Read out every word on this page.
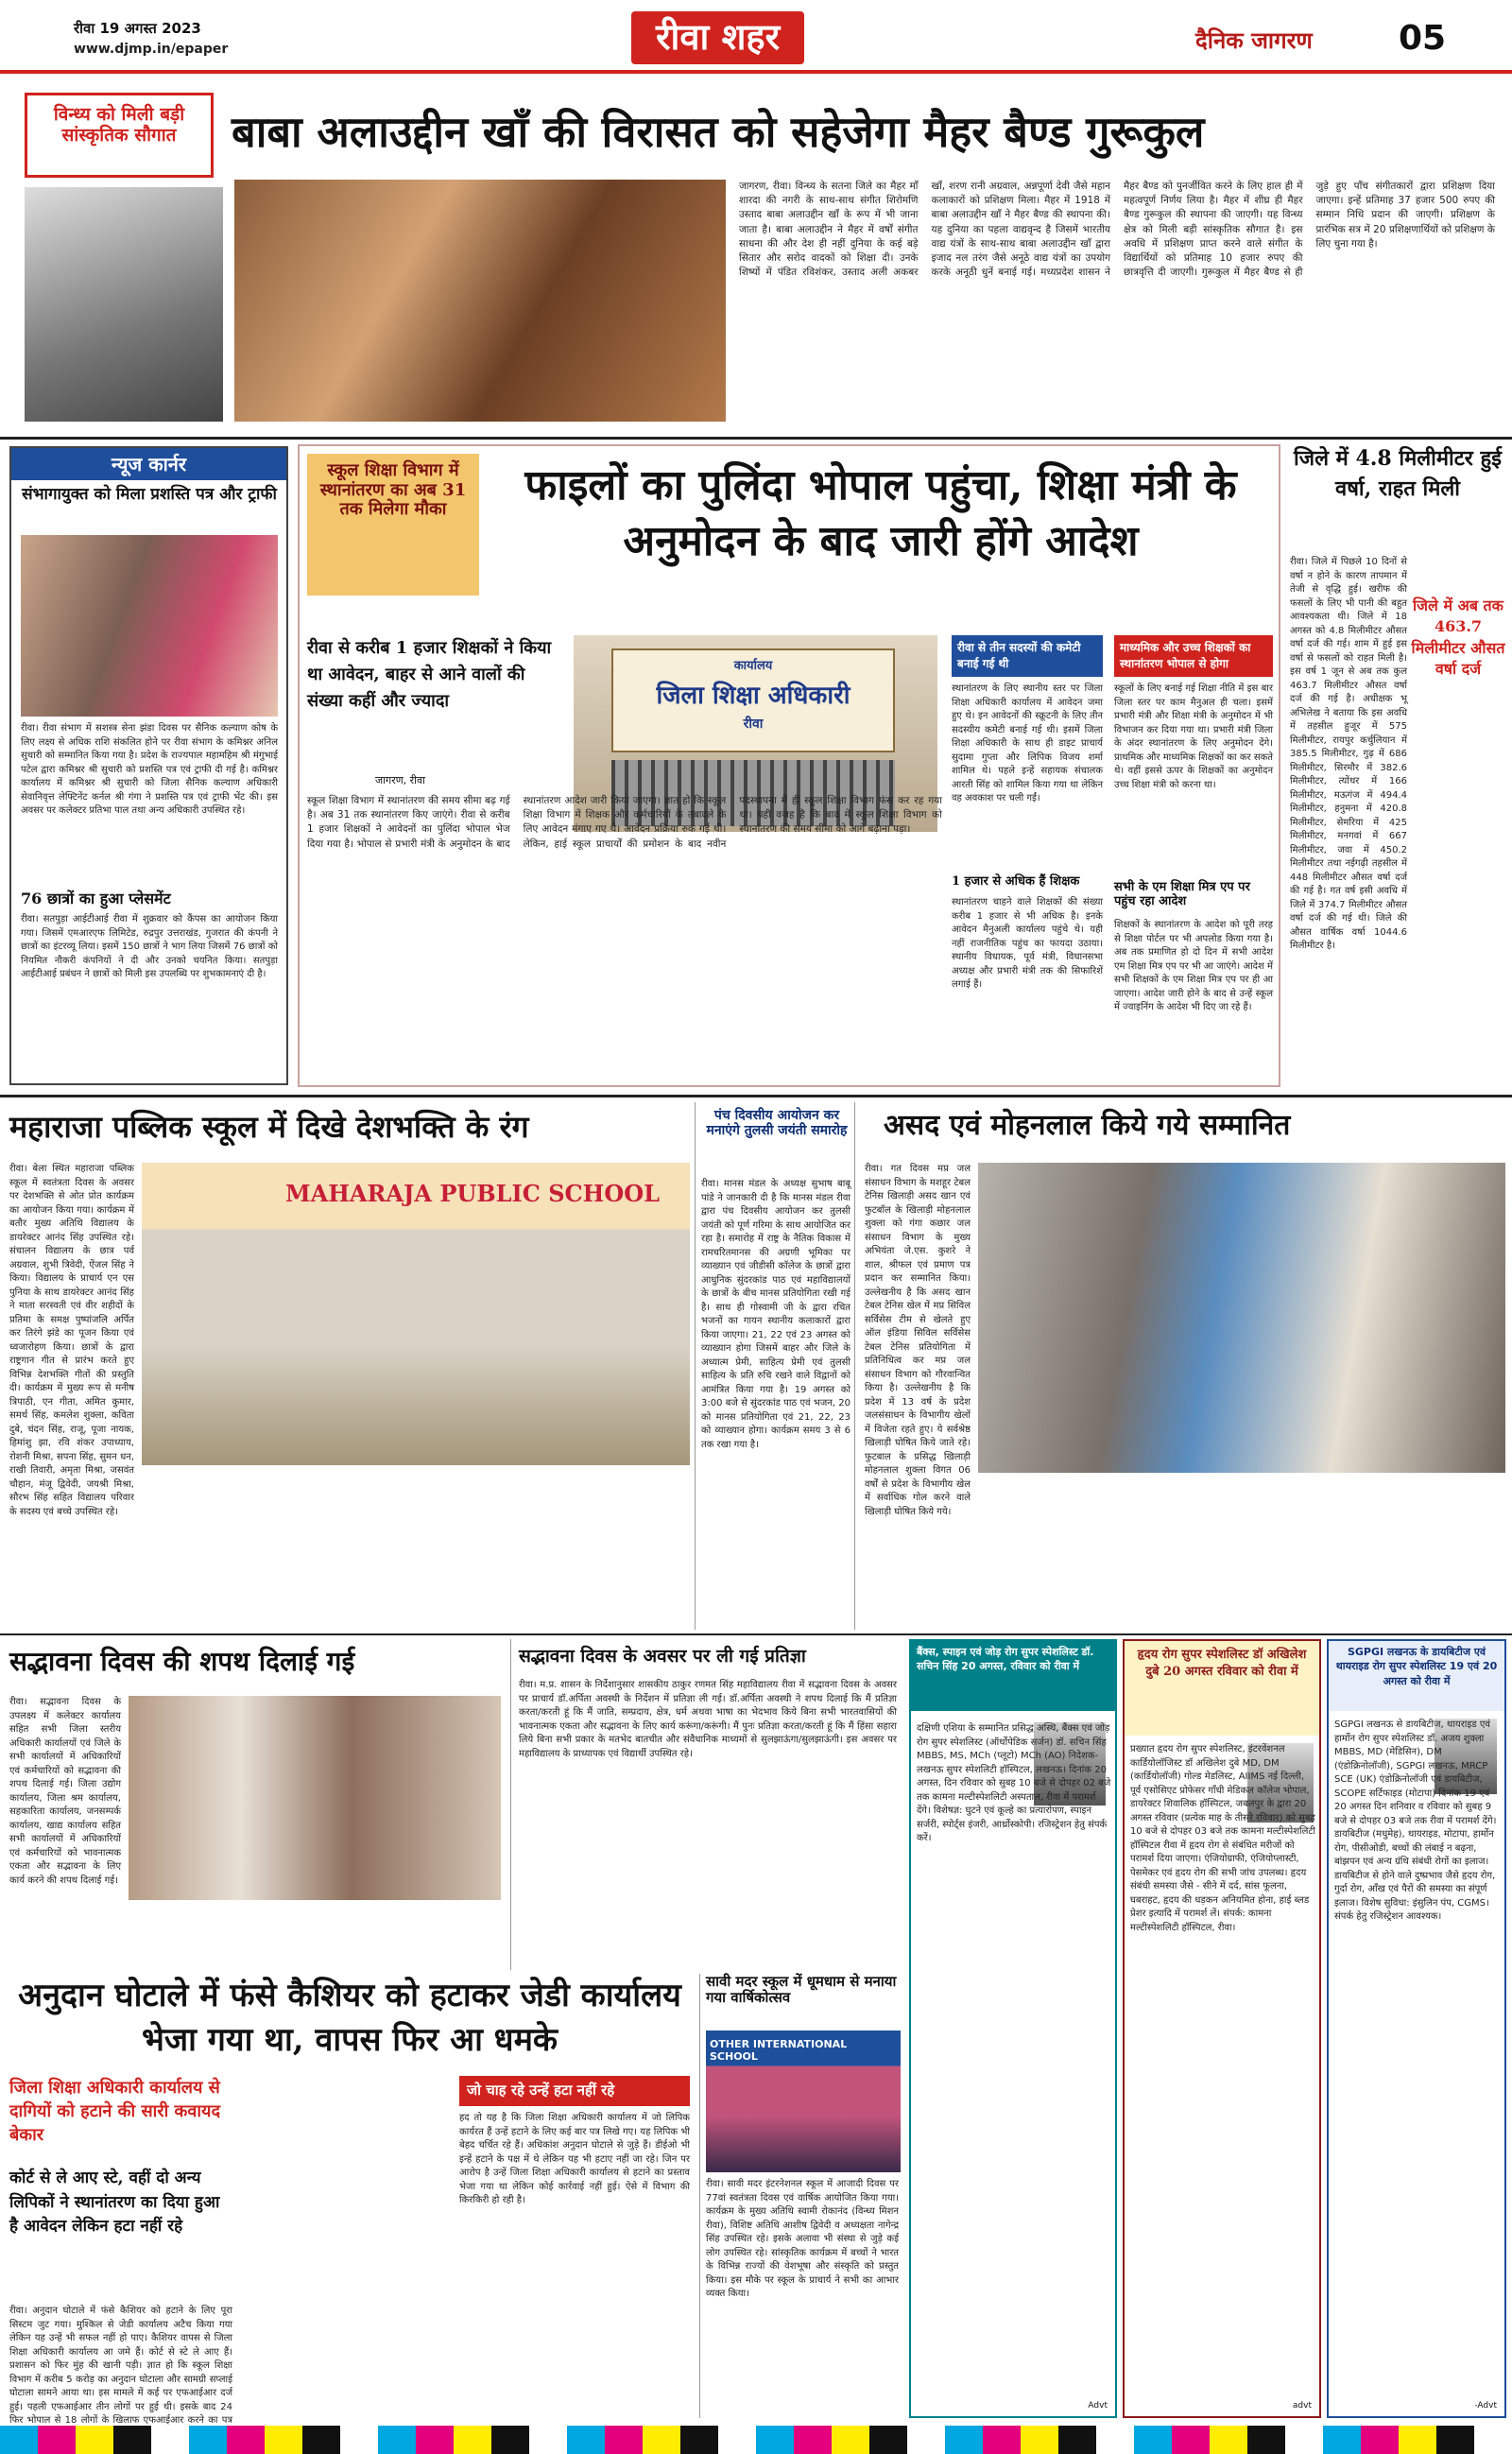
रीवा 19 अगस्त 2023
www.djmp.in/epaper	रीवा शहर	दैनिक जागरण	05
विन्ध्य को मिली बड़ी सांस्कृतिक सौगात	बाबा अलाउद्दीन खाँ की विरासत को सहेजेगा मैहर बैण्ड गुरूकुल
जागरण, रीवा। विन्ध्य के सतना जिले का मैहर माँ शारदा की नगरी के साथ-साथ संगीत शिरोमणि उस्ताद बाबा अलाउद्दीन खाँ के रूप में भी जाना जाता है। बाबा अलाउद्दीन ने मैहर में वर्षों संगीत साधना की और देश ही नहीं दुनिया के कई बड़े सितार और सरोद वादकों को शिक्षा दी। उनके शिष्यों में पंडित रविशंकर, उस्ताद अली अकबर खाँ, शरण रानी अग्रवाल, अन्नपूर्णा देवी जैसे महान कलाकारों को प्रशिक्षण मिला। मैहर में 1918 में बाबा अलाउद्दीन खाँ ने मैहर बैण्ड की स्थापना की। यह दुनिया का पहला वाद्यवृन्द है जिसमें भारतीय वाद्य यंत्रों के साथ-साथ बाबा अलाउद्दीन खाँ द्वारा इजाद नल तरंग जैसे अनूठे वाद्य यंत्रों का उपयोग करके अनूठी धुनें बनाई गई। मध्यप्रदेश शासन ने मैहर बैण्ड को पुनर्जीवित करने के लिए हाल ही में महत्वपूर्ण निर्णय लिया है। मैहर में शीघ्र ही मैहर बैण्ड गुरूकुल की स्थापना की जाएगी। यह विन्ध्य क्षेत्र को मिली बड़ी सांस्कृतिक सौगात है। इस अवधि में प्रशिक्षण प्राप्त करने वाले संगीत के विद्यार्थियों को प्रतिमाह 10 हजार रुपए की छात्रवृत्ति दी जाएगी। गुरूकुल में मैहर बैण्ड से ही जुड़े हुए पाँच संगीतकारों द्वारा प्रशिक्षण दिया जाएगा। इन्हें प्रतिमाह 37 हजार 500 रुपए की सम्मान निधि प्रदान की जाएगी। प्रशिक्षण के प्रारंभिक सत्र में 20 प्रशिक्षणार्थियों को प्रशिक्षण के लिए चुना गया है।
न्यूज कार्नर
संभागायुक्त को मिला प्रशस्ति पत्र और ट्राफी
रीवा। रीवा संभाग में सशस्त्र सेना झंडा दिवस पर सैनिक कल्याण कोष के लिए लक्ष्य से अधिक राशि संकलित होने पर रीवा संभाग के कमिश्नर अनिल सुचारी को सम्मानित किया गया है। प्रदेश के राज्यपाल महामहिम श्री मंगुभाई पटेल द्वारा कमिश्नर श्री सुचारी को प्रशस्ति पत्र एवं ट्राफी दी गई है। कमिश्नर कार्यालय में कमिश्नर श्री सुचारी को जिला सैनिक कल्याण अधिकारी सेवानिवृत्त लेफ्टिनेंट कर्नल श्री गंगा ने प्रशस्ति पत्र एवं ट्राफी भेंट की। इस अवसर पर कलेक्टर प्रतिभा पाल तथा अन्य अधिकारी उपस्थित रहे।
76 छात्रों का हुआ प्लेसमेंट
रीवा। सतपुड़ा आईटीआई रीवा में शुक्रवार को कैंपस का आयोजन किया गया। जिसमें एमआरएफ लिमिटेड, रुद्रपुर उत्तराखंड, गुजरात की कंपनी ने छात्रों का इंटरव्यू लिया। इसमें 150 छात्रों ने भाग लिया जिसमें 76 छात्रों को नियमित नौकरी कंपनियों ने दी और उनको चयनित किया। सतपुड़ा आईटीआई प्रबंधन ने छात्रों को मिली इस उपलब्धि पर शुभकामनाएं दी है।
स्कूल शिक्षा विभाग में स्थानांतरण का अब 31 तक मिलेगा मौका	फाइलों का पुलिंदा भोपाल पहुंचा, शिक्षा मंत्री के अनुमोदन के बाद जारी होंगे आदेश
रीवा से करीब 1 हजार शिक्षकों ने किया था आवेदन, बाहर से आने वालों की संख्या कहीं और ज्यादा
जागरण, रीवा
कार्यालय
जिला शिक्षा अधिकारी
रीवा
स्कूल शिक्षा विभाग में स्थानांतरण की समय सीमा बढ़ गई है। अब 31 तक स्थानांतरण किए जाएंगे। रीवा से करीब 1 हजार शिक्षकों ने आवेदनों का पुलिंदा भोपाल भेज दिया गया है। भोपाल से प्रभारी मंत्री के अनुमोदन के बाद स्थानांतरण आदेश जारी किया जाएगा। ज्ञात हो कि स्कूल शिक्षा विभाग में शिक्षक और कर्मचारियों के तबादले के लिए आवेदन मंगाए गए थे। आवेदन प्रक्रिया रुक गई थी। लेकिन, हाई स्कूल प्राचार्यों की प्रमोशन के बाद नवीन पदस्थापना में ही स्कूल शिक्षा विभाग फंस कर रह गया था। यही वजह है कि बाद में स्कूल शिक्षा विभाग को स्थानांतरण की समय सीमा को आगे बढ़ाना पड़ा।
रीवा से तीन सदस्यों की कमेटी बनाई गई थी
स्थानांतरण के लिए स्थानीय स्तर पर जिला शिक्षा अधिकारी कार्यालय में आवेदन जमा हुए थे। इन आवेदनों की स्क्रूटनी के लिए तीन सदस्यीय कमेटी बनाई गई थी। इसमें जिला शिक्षा अधिकारी के साथ ही डाइट प्राचार्य सुदामा गुप्ता और लिपिक विजय शर्मा शामिल थे। पहले इन्हें सहायक संचालक आरती सिंह को शामिल किया गया था लेकिन वह अवकाश पर चली गईं।
1 हजार से अधिक हैं शिक्षक
स्थानांतरण चाहने वाले शिक्षकों की संख्या करीब 1 हजार से भी अधिक है। इनके आवेदन मैनुअली कार्यालय पहुंचे थे। यही नहीं राजनीतिक पहुंच का फायदा उठाया। स्थानीय विधायक, पूर्व मंत्री, विधानसभा अध्यक्ष और प्रभारी मंत्री तक की सिफारिशें लगाई हैं।
माध्यमिक और उच्च शिक्षकों का स्थानांतरण भोपाल से होगा
स्कूलों के लिए बनाई गई शिक्षा नीति में इस बार जिला स्तर पर काम मैनुअल ही चला। इसमें प्रभारी मंत्री और शिक्षा मंत्री के अनुमोदन में भी विभाजन कर दिया गया था। प्रभारी मंत्री जिला के अंदर स्थानांतरण के लिए अनुमोदन देंगे। प्राथमिक और माध्यमिक शिक्षकों का कर सकते थे। वहीं इससे ऊपर के शिक्षकों का अनुमोदन उच्च शिक्षा मंत्री को करना था।
सभी के एम शिक्षा मित्र एप पर पहुंच रहा आदेश
शिक्षकों के स्थानांतरण के आदेश को पूरी तरह से शिक्षा पोर्टल पर भी अपलोड किया गया है। अब तक प्रमाणित हो दो दिन में सभी आदेश एम शिक्षा मित्र एप पर भी आ जाएंगे। आदेश में सभी शिक्षकों के एम शिक्षा मित्र एप पर ही आ जाएगा। आदेश जारी होने के बाद से उन्हें स्कूल में ज्वाइनिंग के आदेश भी दिए जा रहे हैं।
जिले में 4.8 मिलीमीटर हुई वर्षा, राहत मिली
जिले में अब तक 463.7 मिलीमीटर औसत वर्षा दर्ज
रीवा। जिले में पिछले 10 दिनों से वर्षा न होने के कारण तापमान में तेजी से वृद्धि हुई। खरीफ की फसलों के लिए भी पानी की बहुत आवश्यकता थी। जिले में 18 अगस्त को 4.8 मिलीमीटर औसत वर्षा दर्ज की गई। शाम में हुई इस वर्षा से फसलों को राहत मिली है। इस वर्ष 1 जून से अब तक कुल 463.7 मिलीमीटर औसत वर्षा दर्ज की गई है। अधीक्षक भू अभिलेख ने बताया कि इस अवधि में तहसील हुजूर में 575 मिलीमीटर, रायपुर कर्चुलियान में 385.5 मिलीमीटर, गुढ़ में 686 मिलीमीटर, सिरमौर में 382.6 मिलीमीटर, त्योंथर में 166 मिलीमीटर, मऊगंज में 494.4 मिलीमीटर, हनुमना में 420.8 मिलीमीटर, सेमरिया में 425 मिलीमीटर, मनगवां में 667 मिलीमीटर, जवा में 450.2 मिलीमीटर तथा नईगढ़ी तहसील में 448 मिलीमीटर औसत वर्षा दर्ज की गई है। गत वर्ष इसी अवधि में जिले में 374.7 मिलीमीटर औसत वर्षा दर्ज की गई थी। जिले की औसत वार्षिक वर्षा 1044.6 मिलीमीटर है।
महाराजा पब्लिक स्कूल में दिखे देशभक्ति के रंग
रीवा। बेला स्थित महाराजा पब्लिक स्कूल में स्वतंत्रता दिवस के अवसर पर देशभक्ति से ओत प्रोत कार्यक्रम का आयोजन किया गया। कार्यक्रम में बतौर मुख्य अतिथि विद्यालय के डायरेक्टर आनंद सिंह उपस्थित रहे। संचालन विद्यालय के छात्र पर्व अग्रवाल, शुभी त्रिवेदी, ऐंजल सिंह ने किया। विद्यालय के प्राचार्य एन एस पुनिया के साथ डायरेक्टर आनंद सिंह ने माता सरस्वती एवं वीर शहीदों के प्रतिमा के समक्ष पुष्पांजलि अर्पित कर तिरंगे झंडे का पूजन किया एवं ध्वजारोहण किया। छात्रों के द्वारा राष्ट्रगान गीत से प्रारंभ करते हुए विभिन्न देशभक्ति गीतों की प्रस्तुति दी। कार्यक्रम में मुख्य रूप से मनीष त्रिपाठी, एन गीता, अमित कुमार, समर्थ सिंह, कमलेश शुक्ला, कविता दुबे, चंदन सिंह, राजू, पूजा नायक, हिमांशु झा, रवि शंकर उपाध्याय, रोशनी मिश्रा, सपना सिंह, सुमन धन, राखी तिवारी, अमृता मिश्रा, जसवंत चौहान, मंजू द्विवेदी, जयश्री मिश्रा, सौरभ सिंह सहित विद्यालय परिवार के सदस्य एवं बच्चे उपस्थित रहे।
MAHARAJA PUBLIC SCHOOL
पंच दिवसीय आयोजन कर मनाएंगे तुलसी जयंती समारोह
रीवा। मानस मंडल के अध्यक्ष सुभाष बाबू पांडे ने जानकारी दी है कि मानस मंडल रीवा द्वारा पंच दिवसीय आयोजन कर तुलसी जयंती को पूर्ण गरिमा के साथ आयोजित कर रहा है। समारोह में राष्ट्र के नैतिक विकास में रामचरितमानस की अग्रणी भूमिका पर व्याख्यान एवं जीडीसी कॉलेज के छात्रों द्वारा आधुनिक सुंदरकांड पाठ एवं महाविद्यालयों के छात्रों के बीच मानस प्रतियोगिता रखी गई है। साथ ही गोस्वामी जी के द्वारा रचित भजनों का गायन स्थानीय कलाकारों द्वारा किया जाएगा। 21, 22 एवं 23 अगस्त को व्याख्यान होगा जिसमें बाहर और जिले के अध्यात्म प्रेमी, साहित्य प्रेमी एवं तुलसी साहित्य के प्रति रुचि रखने वाले विद्वानों को आमंत्रित किया गया है। 19 अगस्त को 3:00 बजे से सुंदरकांड पाठ एवं भजन, 20 को मानस प्रतियोगिता एवं 21, 22, 23 को व्याख्यान होगा। कार्यक्रम समय 3 से 6 तक रखा गया है।
असद एवं मोहनलाल किये गये सम्मानित
रीवा। गत दिवस मप्र जल संसाधन विभाग के मशहूर टेबल टेनिस खिलाड़ी असद खान एवं फुटबॉल के खिलाड़ी मोहनलाल शुक्ला को गंगा कछार जल संसाधन विभाग के मुख्य अभियंता जे.एस. कुशरे ने शाल, श्रीफल एवं प्रमाण पत्र प्रदान कर सम्मानित किया। उल्लेखनीय है कि असद खान टेबल टेनिस खेल में मप्र सिविल सर्विसेस टीम से खेलते हुए ऑल इंडिया सिविल सर्विसेस टेबल टेनिस प्रतियोगिता में प्रतिनिधित्व कर मप्र जल संसाधन विभाग को गौरवान्वित किया है। उल्लेखनीय है कि प्रदेश में 13 वर्ष के प्रदेश जलसंसाधन के विभागीय खेलों में विजेता रहते हुए। ये सर्वश्रेष्ठ खिलाड़ी घोषित किये जाते रहे। फुटबाल के प्रसिद्ध खिलाड़ी मोहनलाल शुक्ला विगत 06 वर्षों से प्रदेश के विभागीय खेल में सर्वाधिक गोल करने वाले खिलाड़ी घोषित किये गये।
सद्भावना दिवस की शपथ दिलाई गई
रीवा। सद्भावना दिवस के उपलक्ष्य में कलेक्टर कार्यालय सहित सभी जिला स्तरीय अधिकारी कार्यालयों एवं जिले के सभी कार्यालयों में अधिकारियों एवं कर्मचारियों को सद्भावना की शपथ दिलाई गई। जिला उद्योग कार्यालय, जिला श्रम कार्यालय, सहकारिता कार्यालय, जनसम्पर्क कार्यालय, खाद्य कार्यालय सहित सभी कार्यालयों में अधिकारियों एवं कर्मचारियों को भावनात्मक एकता और सद्भावना के लिए कार्य करने की शपथ दिलाई गई।
सद्भावना दिवस के अवसर पर ली गई प्रतिज्ञा
रीवा। म.प्र. शासन के निर्देशानुसार शासकीय ठाकुर रणमत सिंह महाविद्यालय रीवा में सद्भावना दिवस के अवसर पर प्राचार्य डॉ.अर्पिता अवस्थी के निर्देशन में प्रतिज्ञा ली गई। डॉ.अर्पिता अवस्थी ने शपथ दिलाई कि मैं प्रतिज्ञा करता/करती हूं कि मैं जाति, सम्प्रदाय, क्षेत्र, धर्म अथवा भाषा का भेदभाव किये बिना सभी भारतवासियों की भावनात्मक एकता और सद्भावना के लिए कार्य करूंगा/करूंगी। मैं पुनः प्रतिज्ञा करता/करती हूं कि मैं हिंसा सहारा लिये बिना सभी प्रकार के मतभेद बातचीत और संवैधानिक माध्यमों से सुलझाऊंगा/सुलझाऊंगी। इस अवसर पर महाविद्यालय के प्राध्यापक एवं विद्यार्थी उपस्थित रहे।
अनुदान घोटाले में फंसे कैशियर को हटाकर जेडी कार्यालय भेजा गया था, वापस फिर आ धमके
जिला शिक्षा अधिकारी कार्यालय से दागियों को हटाने की सारी कवायद बेकार
कोर्ट से ले आए स्टे, वहीं दो अन्य लिपिकों ने स्थानांतरण का दिया हुआ है आवेदन लेकिन हटा नहीं रहे
रीवा। अनुदान घोटाले में फंसे कैशियर को हटाने के लिए पूरा सिस्टम जुट गया। मुश्किल से जेडी कार्यालय अटैच किया गया लेकिन यह उन्हें भी सफल नहीं हो पाए। कैशियर वापस से जिला शिक्षा अधिकारी कार्यालय आ जमे हैं। कोर्ट से स्टे ले आए हैं। प्रशासन को फिर मुंह की खानी पड़ी। ज्ञात हो कि स्कूल शिक्षा विभाग में करीब 5 करोड़ का अनुदान घोटाला और सामग्री सप्लाई घोटाला सामने आया था। इस मामले में कई पर एफआईआर दर्ज हुई। पहली एफआईआर तीन लोगों पर हुई थी। इसके बाद 24 फिर भोपाल से 18 लोगों के खिलाफ एफआईआर करने का पत्र
जो चाह रहे उन्हें हटा नहीं रहे
हद तो यह है कि जिला शिक्षा अधिकारी कार्यालय में जो लिपिक कार्यरत हैं उन्हें हटाने के लिए कई बार पत्र लिखे गए। यह लिपिक भी बेहद चर्चित रहे हैं। अधिकांश अनुदान घोटाले से जुड़े हैं। डीईओ भी इन्हें हटाने के पक्ष में थे लेकिन यह भी हटाए नहीं जा रहे। जिन पर आरोप है उन्हें जिला शिक्षा अधिकारी कार्यालय से हटाने का प्रस्ताव भेजा गया था लेकिन कोई कार्रवाई नहीं हुई। ऐसे में विभाग की किरकिरी हो रही है।
सावी मदर स्कूल में धूमधाम से मनाया गया वार्षिकोत्सव
OTHER INTERNATIONAL SCHOOL
रीवा। सावी मदर इंटरनेशनल स्कूल में आजादी दिवस पर 77वां स्वतंत्रता दिवस एवं वार्षिक आयोजित किया गया। कार्यक्रम के मुख्य अतिथि स्वामी रोकानंद (विन्ध्य मिशन रीवा), विशिष्ट अतिथि आशीष द्विवेदी व अध्यक्षता नागेन्द्र सिंह उपस्थित रहे। इसके अलावा भी संस्था से जुड़े कई लोग उपस्थित रहे। सांस्कृतिक कार्यक्रम में बच्चों ने भारत के विभिन्न राज्यों की वेशभूषा और संस्कृति को प्रस्तुत किया। इस मौके पर स्कूल के प्राचार्य ने सभी का आभार व्यक्त किया।
बैंक्स, स्पाइन एवं जोड़ रोग सुपर स्पेशलिस्ट डॉ. सचिन सिंह 20 अगस्त, रविवार को रीवा में
दक्षिणी एशिया के सम्मानित प्रसिद्ध अस्थि, बैंक्स एवं जोड़ रोग सुपर स्पेशलिस्ट (ऑर्थोपेडिक सर्जन) डॉ. सचिन सिंह MBBS, MS, MCh (प्लूटो) MCh (AO) निदेशक-लखनऊ सुपर स्पेशलिटी हॉस्पिटल, लखनऊ। दिनांक 20 अगस्त, दिन रविवार को सुबह 10 बजे से दोपहर 02 बजे तक कामना मल्टीस्पेशलिटी अस्पताल, रीवा में परामर्श देंगे। विशेषज्ञ: घुटने एवं कूल्हे का प्रत्यारोपण, स्पाइन सर्जरी, स्पोर्ट्स इंजरी, आर्थ्रोस्कोपी। रजिस्ट्रेशन हेतु संपर्क करें।
Advt
हृदय रोग सुपर स्पेशलिस्ट डॉ अखिलेश दुबे 20 अगस्त रविवार को रीवा में
प्रख्यात हृदय रोग सुपर स्पेशलिस्ट, इंटरवेंशनल कार्डियोलॉजिस्ट डॉ अखिलेश दुबे MD, DM (कार्डियोलॉजी) गोल्ड मेडलिस्ट, AIIMS नई दिल्ली, पूर्व एसोसिएट प्रोफेसर गाँधी मेडिकल कॉलेज भोपाल, डायरेक्टर शिवालिक हॉस्पिटल, जबलपुर के द्वारा 20 अगस्त रविवार (प्रत्येक माह के तीसरे रविवार) को सुबह 10 बजे से दोपहर 03 बजे तक कामना मल्टीस्पेशलिटी हॉस्पिटल रीवा में हृदय रोग से संबंधित मरीजों को परामर्श दिया जाएगा। एंजियोग्राफी, एंजियोप्लास्टी, पेसमेकर एवं हृदय रोग की सभी जांच उपलब्ध। हृदय संबंधी समस्या जैसे - सीने में दर्द, सांस फूलना, घबराहट, हृदय की धड़कन अनियमित होना, हाई ब्लड प्रेशर इत्यादि में परामर्श लें। संपर्क: कामना मल्टीस्पेशलिटी हॉस्पिटल, रीवा।
advt
SGPGI लखनऊ के डायबिटीज एवं थायराइड रोग सुपर स्पेशलिस्ट 19 एवं 20 अगस्त को रीवा में
SGPGI लखनऊ से डायबिटीज, थायराइड एवं हार्मोन रोग सुपर स्पेशलिस्ट डॉ. अजय शुक्ला MBBS, MD (मेडिसिन), DM (एंडोक्रिनोलॉजी), SGPGI लखनऊ, MRCP SCE (UK) एंडोक्रिनोलॉजी एवं डायबिटीज, SCOPE सर्टिफाइड (मोटापा) दिनांक 19 एवं 20 अगस्त दिन शनिवार व रविवार को सुबह 9 बजे से दोपहर 03 बजे तक रीवा में परामर्श देंगे। डायबिटीज (मधुमेह), थायराइड, मोटापा, हार्मोन रोग, पीसीओडी, बच्चों की लंबाई न बढ़ना, बांझपन एवं अन्य ग्रंथि संबंधी रोगों का इलाज। डायबिटीज से होने वाले दुष्प्रभाव जैसे हृदय रोग, गुर्दा रोग, आँख एवं पैरों की समस्या का संपूर्ण इलाज। विशेष सुविधा: इंसुलिन पंप, CGMS। संपर्क हेतु रजिस्ट्रेशन आवश्यक।
-Advt
